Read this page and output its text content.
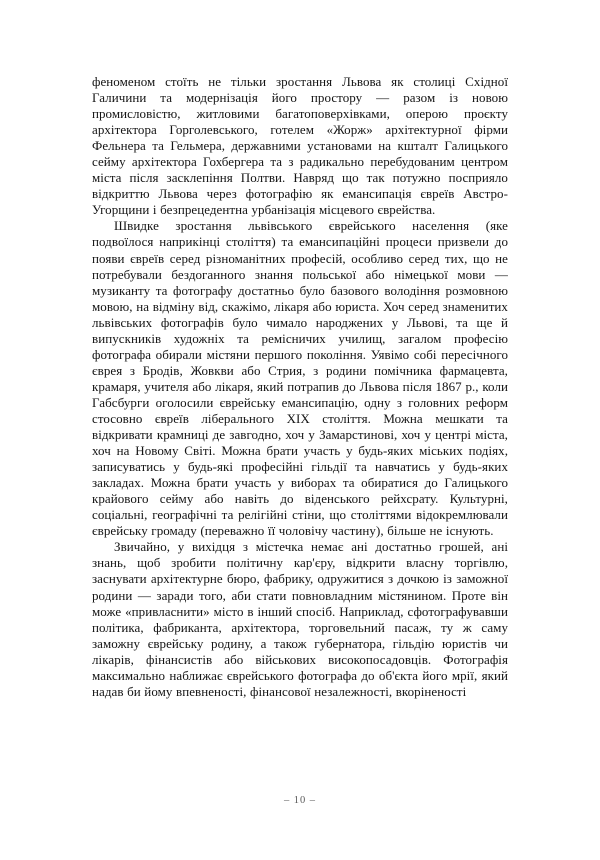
феноменом стоїть не тільки зростання Львова як столиці Східної Галичини та модернізація його простору — разом із новою промисловістю, житловими багатоповерхівками, оперою проєкту архітектора Горголевського, готелем «Жорж» архітектурної фірми Фельнера та Гельмера, державними установами на кшталт Галицького сейму архітектора Гохбергера та з радикально перебудованим центром міста після засклепіння Полтви. Навряд що так потужно посприяло відкриттю Львова через фотографію як емансипація євреїв Австро-Угорщини і безпрецедентна урбанізація місцевого єврейства.

Швидке зростання львівського єврейського населення (яке подвоїлося наприкінці століття) та емансипаційні процеси призвели до появи євреїв серед різноманітних професій, особливо серед тих, що не потребували бездоганного знання польської або німецької мови — музиканту та фотографу достатньо було базового володіння розмовною мовою, на відміну від, скажімо, лікаря або юриста. Хоч серед знаменитих львівських фотографів було чимало народжених у Львові, та ще й випускників художніх та ремісничих училищ, загалом професію фотографа обирали містяни першого покоління. Уявімо собі пересічного єврея з Бродів, Жовкви або Стрия, з родини помічника фармацевта, крамаря, учителя або лікаря, який потрапив до Львова після 1867 р., коли Габсбурги оголосили єврейську емансипацію, одну з головних реформ стосовно євреїв ліберального XIX століття. Можна мешкати та відкривати крамниці де завгодно, хоч у Замарстинові, хоч у центрі міста, хоч на Новому Світі. Можна брати участь у будь-яких міських подіях, записуватись у будь-які професійні гільдії та навчатись у будь-яких закладах. Можна брати участь у виборах та обиратися до Галицького крайового сейму або навіть до віденського рейхсрату. Культурні, соціальні, географічні та релігійні стіни, що століттями відокремлювали єврейську громаду (переважно її чоловічу частину), більше не існують.

Звичайно, у вихідця з містечка немає ані достатньо грошей, ані знань, щоб зробити політичну кар'єру, відкрити власну торгівлю, заснувати архітектурне бюро, фабрику, одружитися з дочкою із заможної родини — заради того, аби стати повновладним містянином. Проте він може «привласнити» місто в інший спосіб. Наприклад, сфотографувавши політика, фабриканта, архітектора, торговельний пасаж, ту ж саму заможну єврейську родину, а також губернатора, гільдію юристів чи лікарів, фінансистів або військових високопосадовців. Фотографія максимально наближає єврейського фотографа до об'єкта його мрії, який надав би йому впевненості, фінансової незалежності, вкоріненості

– 10 –
